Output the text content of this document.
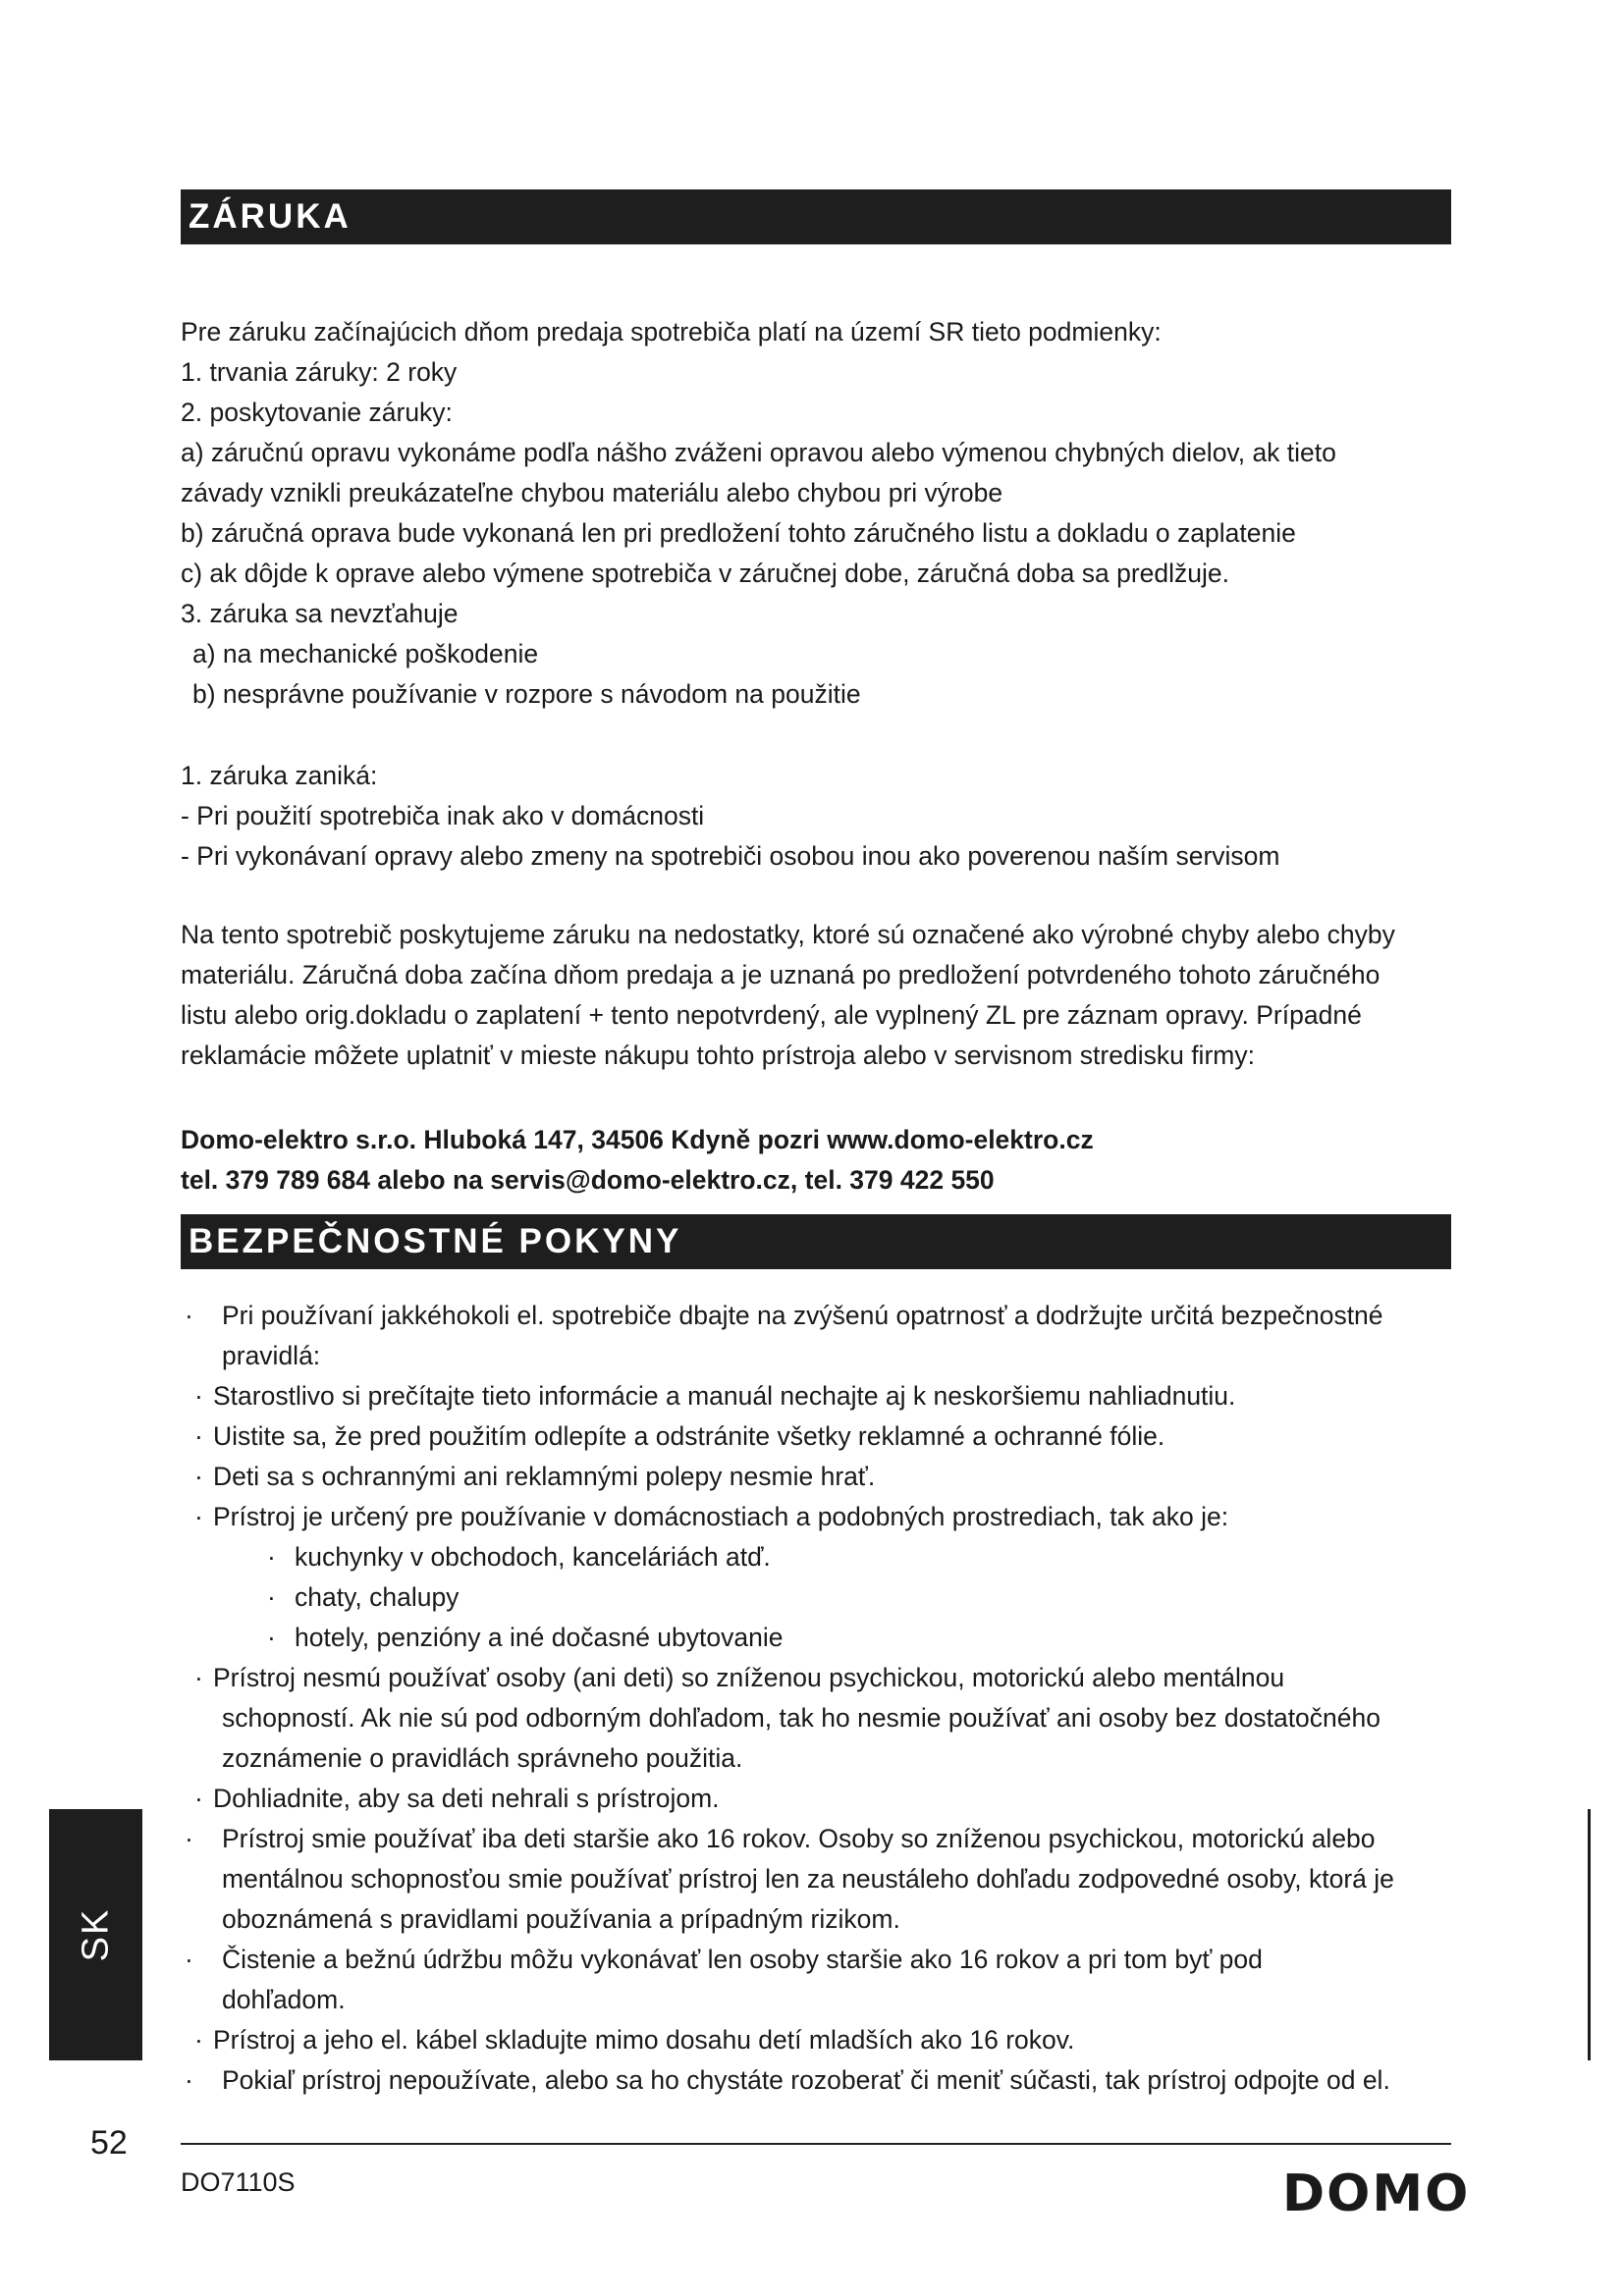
ZÁRUKA

Pre záruku začínajúcich dňom predaja spotrebiča platí na území SR tieto podmienky:

1. trvania záruky: 2 roky

2. poskytovanie záruky:

a) záručnú opravu vykonáme podľa nášho zváženi opravou alebo výmenou chybných dielov, ak tieto

závady vznikli preukázateľne chybou materiálu alebo chybou pri výrobe

b) záručná oprava bude vykonaná len pri predložení tohto záručného listu a dokladu o zaplatenie

c) ak dôjde k oprave alebo výmene spotrebiča v záručnej dobe, záručná doba sa predlžuje.

3. záruka sa nevzťahuje

a) na mechanické poškodenie

b) nesprávne používanie v rozpore s návodom na použitie

1. záruka zaniká:

- Pri použití spotrebiča inak ako v domácnosti

- Pri vykonávaní opravy alebo zmeny na spotrebiči osobou inou ako poverenou naším servisom

Na tento spotrebič poskytujeme záruku na nedostatky, ktoré sú označené ako výrobné chyby alebo chyby

materiálu. Záručná doba začína dňom predaja a je uznaná po predložení potvrdeného tohoto záručného

listu alebo orig.dokladu o zaplatení + tento nepotvrdený, ale vyplnený ZL pre záznam opravy. Prípadné

reklamácie môžete uplatniť v mieste nákupu tohto prístroja alebo v servisnom stredisku firmy:

Domo-elektro s.r.o. Hluboká 147, 34506 Kdyně pozri www.domo-elektro.cz

tel. 379 789 684 alebo na servis@domo-elektro.cz, tel. 379 422 550

BEZPEČNOSTNÉ POKYNY
· Pri používaní jakkéhokoli el. spotrebiče dbajte na zvýšenú opatrnosť a dodržujte určitá bezpečnostné
pravidlá:
· Starostlivo si prečítajte tieto informácie a manuál nechajte aj k neskoršiemu nahliadnutiu.
· Uistite sa, že pred použitím odlepíte a odstránite všetky reklamné a ochranné fólie.
· Deti sa s ochrannými ani reklamnými polepy nesmie hrať.
· Prístroj je určený pre používanie v domácnostiach a podobných prostrediach, tak ako je:
· kuchynky v obchodoch, kanceláriách atď.
· chaty, chalupy
· hotely, penzióny a iné dočasné ubytovanie
· Prístroj nesmú používať osoby (ani deti) so zníženou psychickou, motorickú alebo mentálnou
schopností. Ak nie sú pod odborným dohľadom, tak ho nesmie používať ani osoby bez dostatočného
zoznámenie o pravidlách správneho použitia.
· Dohliadnite, aby sa deti nehrali s prístrojom.
· Prístroj smie používať iba deti staršie ako 16 rokov. Osoby so zníženou psychickou, motorickú alebo
mentálnou schopnosťou smie používať prístroj len za neustáleho dohľadu zodpovedné osoby, ktorá je
oboznámená s pravidlami používania a prípadným rizikom.
· Čistenie a bežnú údržbu môžu vykonávať len osoby staršie ako 16 rokov a pri tom byť pod
dohľadom.
· Prístroj a jeho el. kábel skladujte mimo dosahu detí mladších ako 16 rokov.
· Pokiaľ prístroj nepoužívate, alebo sa ho chystáte rozoberať či meniť súčasti, tak prístroj odpojte od el.
SK
52
DO7110S	DOMO
